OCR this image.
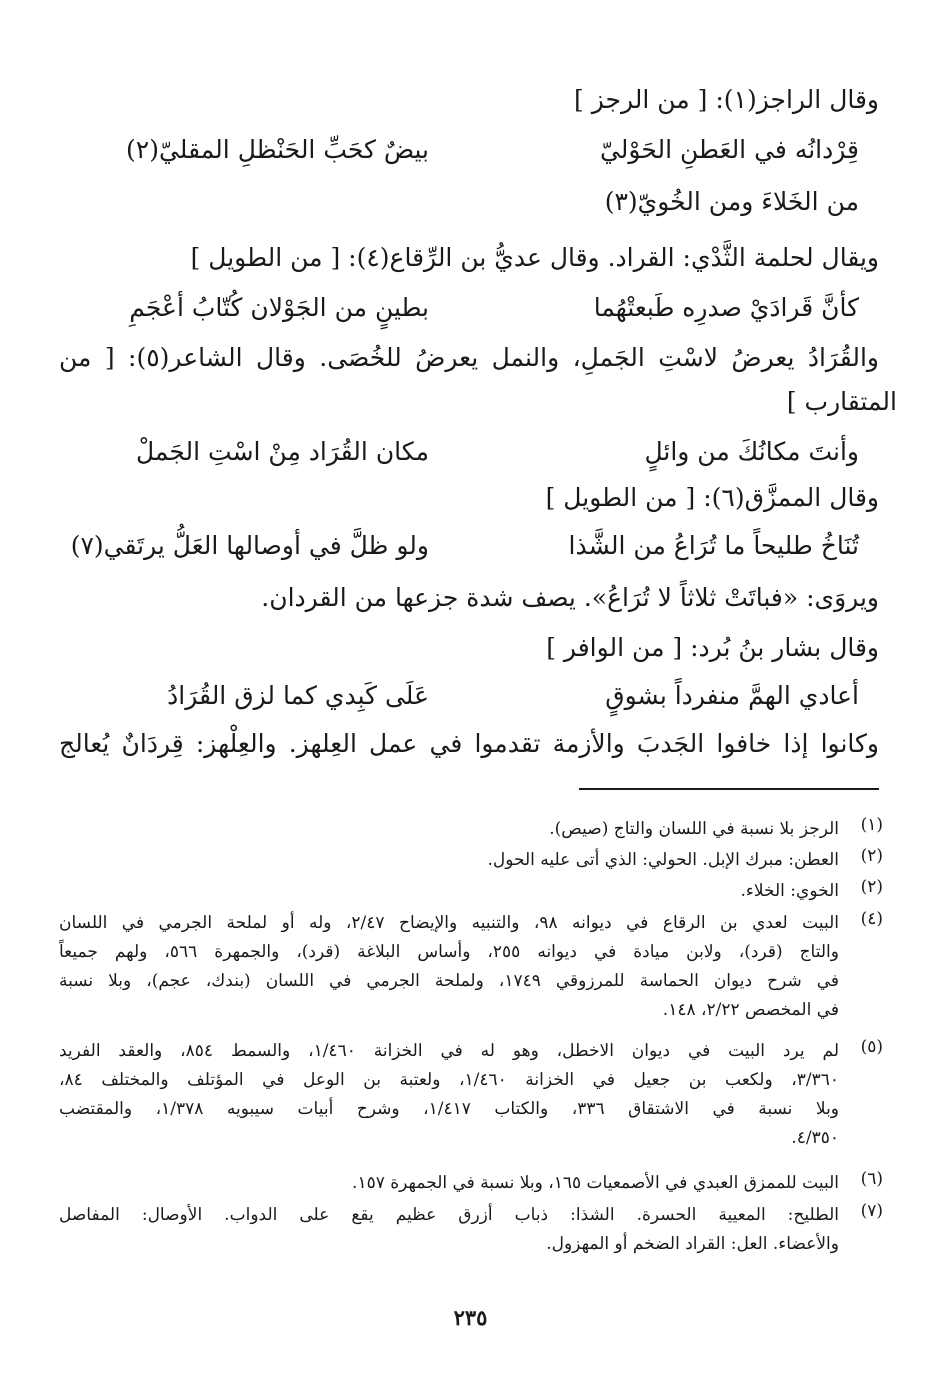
وقال الراجز(١): [ من الرجز ]
قِرْدانُه في العَطنِ الحَوْليّ
بيضٌ كحَبِّ الحَنْظلِ المقليّ(٢)
من الخَلاءَ ومن الخُويّ(٣)
ويقال لحلمة الثَّدْي: القراد. وقال عديُّ بن الرِّقاع(٤): [ من الطويل ]
كأنَّ قَرادَيْ صدرِه طَبعتْهُما
بطينٍ من الجَوْلان كُتّابُ أعْجَمِ
والقُرَادُ يعرضُ لاسْتِ الجَملِ، والنمل يعرضُ للخُصَى. وقال الشاعر(٥): [ من
المتقارب ]
وأنتَ مكانُكَ من وائلٍ
مكان القُرَاد مِنْ اسْتِ الجَملْ
وقال الممزَّق(٦): [ من الطويل ]
تُنَاخُ طليحاً ما تُرَاعُ من الشَّذا
ولو ظلَّ في أوصالها العَلُّ يرتَقي(٧)
ويروَى: «فباتَتْ ثلاثاً لا تُرَاعُ». يصف شدة جزعها من القردان.
وقال بشار بنُ بُرد: [ من الوافر ]
أعادي الهمَّ منفرداً بشوقٍ
عَلَى كَبِدي كما لزق القُرَادُ
وكانوا إذا خافوا الجَدبَ والأزمة تقدموا في عمل العِلهز. والعِلْهز: قِردَانٌ يُعالج
(١)
الرجز بلا نسبة في اللسان والتاج (صيص).
(٢)
العطن: مبرك الإبل. الحولي: الذي أتى عليه الحول.
(٢)
الخوي: الخلاء.
(٤)
البيت لعدي بن الرقاع في ديوانه ٩٨، والتنبيه والإيضاح ٢/٤٧، وله أو لملحة الجرمي في اللسان
والتاج (قرد)، ولابن ميادة في ديوانه ٢٥٥، وأساس البلاغة (قرد)، والجمهرة ٥٦٦، ولهم جميعاً
في شرح ديوان الحماسة للمرزوقي ١٧٤٩، ولملحة الجرمي في اللسان (بندك، عجم)، وبلا نسبة
في المخصص ٢/٢٢، ١٤٨.
(٥)
لم يرد البيت في ديوان الاخطل، وهو له في الخزانة ١/٤٦٠، والسمط ٨٥٤، والعقد الفريد
٣/٣٦٠، ولكعب بن جعيل في الخزانة ١/٤٦٠، ولعتبة بن الوعل في المؤتلف والمختلف ٨٤،
وبلا نسبة في الاشتقاق ٣٣٦، والكتاب ١/٤١٧، وشرح أبيات سيبويه ١/٣٧٨، والمقتضب
٤/٣٥٠.
(٦)
البيت للممزق العبدي في الأصمعيات ١٦٥، وبلا نسبة في الجمهرة ١٥٧.
(٧)
الطليح: المعيية الحسرة. الشذا: ذباب أزرق عظيم يقع على الدواب. الأوصال: المفاصل
والأعضاء. العل: القراد الضخم أو المهزول.
٢٣٥
